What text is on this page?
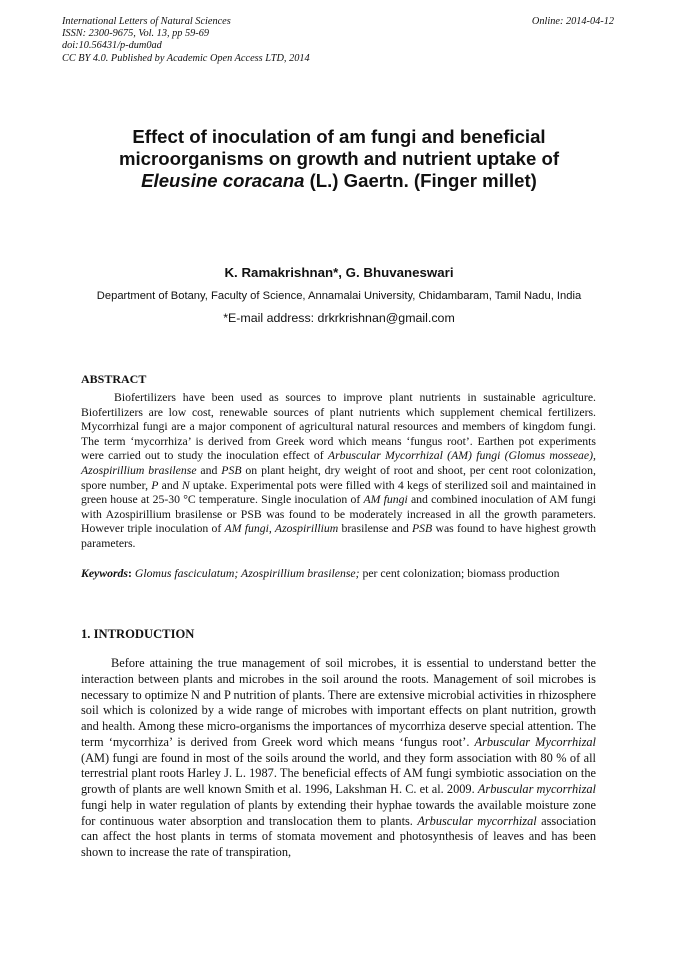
International Letters of Natural Sciences
ISSN: 2300-9675, Vol. 13, pp 59-69
doi:10.56431/p-dum0ad
CC BY 4.0. Published by Academic Open Access LTD, 2014
Online: 2014-04-12
Effect of inoculation of am fungi and beneficial
microorganisms on growth and nutrient uptake of
Eleusine coracana (L.) Gaertn. (Finger millet)
K. Ramakrishnan*, G. Bhuvaneswari
Department of Botany, Faculty of Science, Annamalai University, Chidambaram, Tamil Nadu, India
*E-mail address: drkrkrishnan@gmail.com
ABSTRACT

Biofertilizers have been used as sources to improve plant nutrients in sustainable agriculture. Biofertilizers are low cost, renewable sources of plant nutrients which supplement chemical fertilizers. Mycorrhizal fungi are a major component of agricultural natural resources and members of kingdom fungi. The term ‘mycorrhiza’ is derived from Greek word which means ‘fungus root’. Earthen pot experiments were carried out to study the inoculation effect of Arbuscular Mycorrhizal (AM) fungi (Glomus mosseae), Azospirillium brasilense and PSB on plant height, dry weight of root and shoot, per cent root colonization, spore number, P and N uptake. Experimental pots were filled with 4 kegs of sterilized soil and maintained in green house at 25-30 °C temperature. Single inoculation of AM fungi and combined inoculation of AM fungi with Azospirillium brasilense or PSB was found to be moderately increased in all the growth parameters. However triple inoculation of AM fungi, Azospirillium brasilense and PSB was found to have highest growth parameters.

Keywords: Glomus fasciculatum; Azospirillium brasilense; per cent colonization; biomass production
1. INTRODUCTION

Before attaining the true management of soil microbes, it is essential to understand better the interaction between plants and microbes in the soil around the roots. Management of soil microbes is necessary to optimize N and P nutrition of plants. There are extensive microbial activities in rhizosphere soil which is colonized by a wide range of microbes with important effects on plant nutrition, growth and health. Among these micro-organisms the importances of mycorrhiza deserve special attention. The term ‘mycorrhiza’ is derived from Greek word which means ‘fungus root’. Arbuscular Mycorrhizal (AM) fungi are found in most of the soils around the world, and they form association with 80 % of all terrestrial plant roots Harley J. L. 1987. The beneficial effects of AM fungi symbiotic association on the growth of plants are well known Smith et al. 1996, Lakshman H. C. et al. 2009. Arbuscular mycorrhizal fungi help in water regulation of plants by extending their hyphae towards the available moisture zone for continuous water absorption and translocation them to plants. Arbuscular mycorrhizal association can affect the host plants in terms of stomata movement and photosynthesis of leaves and has been shown to increase the rate of transpiration,
